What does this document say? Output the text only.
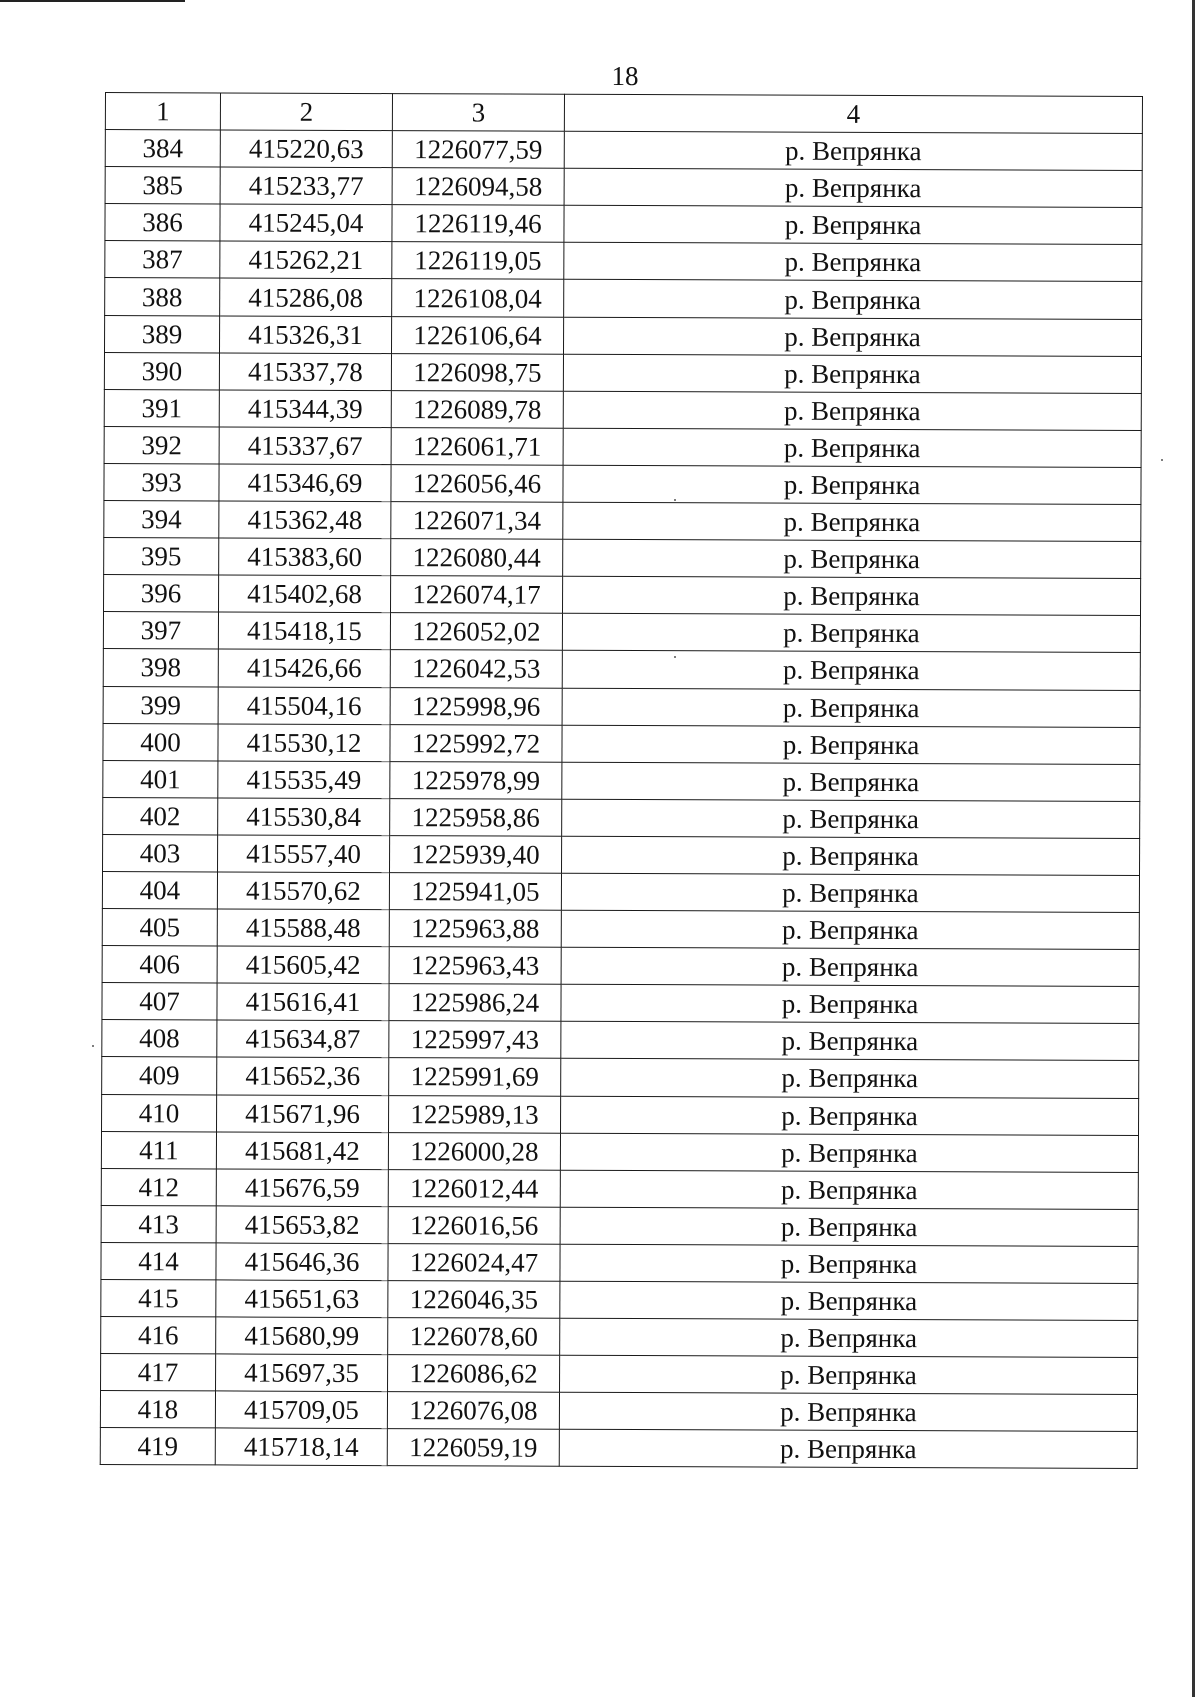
18
1	2	3	4
384	415220,63	1226077,59	р. Вепрянка
385	415233,77	1226094,58	р. Вепрянка
386	415245,04	1226119,46	р. Вепрянка
387	415262,21	1226119,05	р. Вепрянка
388	415286,08	1226108,04	р. Вепрянка
389	415326,31	1226106,64	р. Вепрянка
390	415337,78	1226098,75	р. Вепрянка
391	415344,39	1226089,78	р. Вепрянка
392	415337,67	1226061,71	р. Вепрянка
393	415346,69	1226056,46	р. Вепрянка
394	415362,48	1226071,34	р. Вепрянка
395	415383,60	1226080,44	р. Вепрянка
396	415402,68	1226074,17	р. Вепрянка
397	415418,15	1226052,02	р. Вепрянка
398	415426,66	1226042,53	р. Вепрянка
399	415504,16	1225998,96	р. Вепрянка
400	415530,12	1225992,72	р. Вепрянка
401	415535,49	1225978,99	р. Вепрянка
402	415530,84	1225958,86	р. Вепрянка
403	415557,40	1225939,40	р. Вепрянка
404	415570,62	1225941,05	р. Вепрянка
405	415588,48	1225963,88	р. Вепрянка
406	415605,42	1225963,43	р. Вепрянка
407	415616,41	1225986,24	р. Вепрянка
408	415634,87	1225997,43	р. Вепрянка
409	415652,36	1225991,69	р. Вепрянка
410	415671,96	1225989,13	р. Вепрянка
411	415681,42	1226000,28	р. Вепрянка
412	415676,59	1226012,44	р. Вепрянка
413	415653,82	1226016,56	р. Вепрянка
414	415646,36	1226024,47	р. Вепрянка
415	415651,63	1226046,35	р. Вепрянка
416	415680,99	1226078,60	р. Вепрянка
417	415697,35	1226086,62	р. Вепрянка
418	415709,05	1226076,08	р. Вепрянка
419	415718,14	1226059,19	р. Вепрянка
